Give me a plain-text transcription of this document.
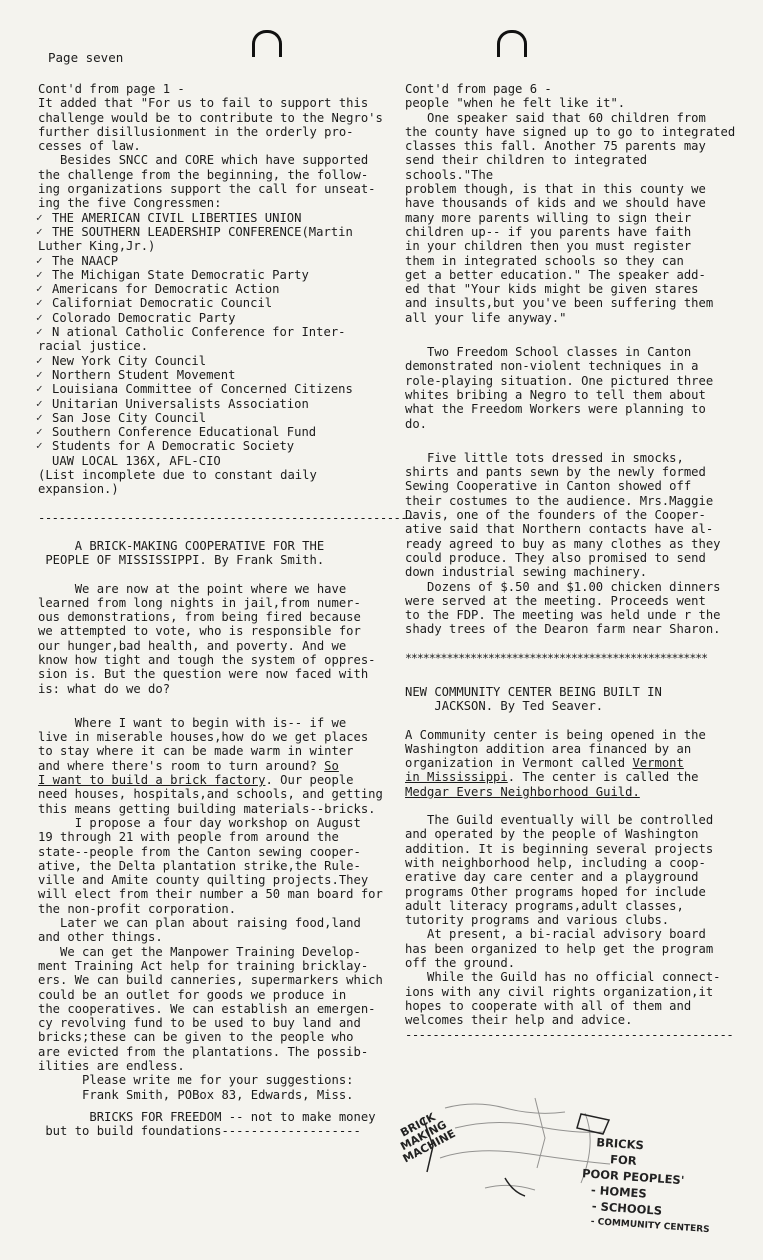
Page seven

Cont'd from page 1 -
It added that "For us to fail to support this
challenge would be to contribute to the Negro's
further disillusionment in the orderly pro-
cesses of law.

Besides SNCC and CORE which have supported
the challenge from the beginning, the follow-
ing organizations support the call for unseat-
ing the five Congressmen:

✓ THE AMERICAN CIVIL LIBERTIES UNION
✓ THE SOUTHERN LEADERSHIP CONFERENCE(Martin
Luther King,Jr.)
✓ The NAACP
✓ The Michigan State Democratic Party
✓ Americans for Democratic Action
✓ Californiat Democratic Council
✓ Colorado Democratic Party
✓ N ational Catholic Conference for Inter-
racial justice.
✓ New York City Council
✓ Northern Student Movement
✓ Louisiana Committee of Concerned Citizens
✓ Unitarian Universalists Association
✓ San Jose City Council
✓ Southern Conference Educational Fund
✓ Students for A Democratic Society
UAW LOCAL 136X, AFL-CIO

(List incomplete due to constant daily
expansion.)

-------------------------------------------------------

A BRICK-MAKING COOPERATIVE FOR THE
PEOPLE OF MISSISSIPPI. By Frank Smith.

We are now at the point where we have
learned from long nights in jail,from numer-
ous demonstrations, from being fired because
we attempted to vote, who is responsible for
our hunger,bad health, and poverty. And we
know how tight and tough the system of oppres-
sion is. But the question were now faced with
is: what do we do?

Where I want to begin with is-- if we
live in miserable houses,how do we get places
to stay where it can be made warm in winter
and where there's room to turn around? So
I want to build a brick factory. Our people
need houses, hospitals,and schools, and getting
this means getting building materials--bricks.

I propose a four day workshop on August
19 through 21 with people from around the
state--people from the Canton sewing cooper-
ative, the Delta plantation strike,the Rule-
ville and Amite county quilting projects.They
will elect from their number a 50 man board for
the non-profit corporation.

Later we can plan about raising food,land
and other things.

We can get the Manpower Training Develop-
ment Training Act help for training bricklay-
ers. We can build canneries, supermarkers which
could be an outlet for goods we produce in
the cooperatives. We can establish an emergen-
cy revolving fund to be used to buy land and
bricks;these can be given to the people who
are evicted from the plantations. The possib-
ilities are endless.

Please write me for your suggestions:
Frank Smith, POBox 83, Edwards, Miss.

BRICKS FOR FREEDOM -- not to make money
but to build foundations-------------------

Cont'd from page 6 -
people "when he felt like it".

One speaker said that 60 children from
the county have signed up to go to integrated
classes this fall. Another 75 parents may
send their children to integrated schools."The
problem though, is that in this county we
have thousands of kids and we should have
many more parents willing to sign their
children up-- if you parents have faith
in your children then you must register
them in integrated schools so they can
get a better education." The speaker add-
ed that "Your kids might be given stares
and insults,but you've been suffering them
all your life anyway."

Two Freedom School classes in Canton
demonstrated non-violent techniques in a
role-playing situation. One pictured three
whites bribing a Negro to tell them about
what the Freedom Workers were planning to
do.

Five little tots dressed in smocks,
shirts and pants sewn by the newly formed
Sewing Cooperative in Canton showed off
their costumes to the audience. Mrs.Maggie
Davis, one of the founders of the Cooper-
ative said that Northern contacts have al-
ready agreed to buy as many clothes as they
could produce. They also promised to send
down industrial sewing machinery.

Dozens of $.50 and $1.00 chicken dinners
were served at the meeting. Proceeds went
to the FDP. The meeting was held unde r the
shady trees of the Dearon farm near Sharon.

***************************************************

NEW COMMUNITY CENTER BEING BUILT IN
JACKSON. By Ted Seaver.

A Community center is being opened in the
Washington addition area financed by an
organization in Vermont called Vermont
in Mississippi. The center is called the
Medgar Evers Neighborhood Guild.

The Guild eventually will be controlled
and operated by the people of Washington
addition. It is beginning several projects
with neighborhood help, including a coop-
erative day care center and a playground
programs Other programs hoped for include
adult literacy programs,adult classes,
tutority programs and various clubs.

At present, a bi-racial advisory board
has been organized to help get the program
off the ground.

While the Guild has no official connect-
ions with any civil rights organization,it
hopes to cooperate with all of them and
welcomes their help and advice.

------------------------------------------------
BRICK
MAKING
MACHINE	BRICKS
FOR
POOR PEOPLES'
- HOMES
- SCHOOLS
- COMMUNITY CENTERS
